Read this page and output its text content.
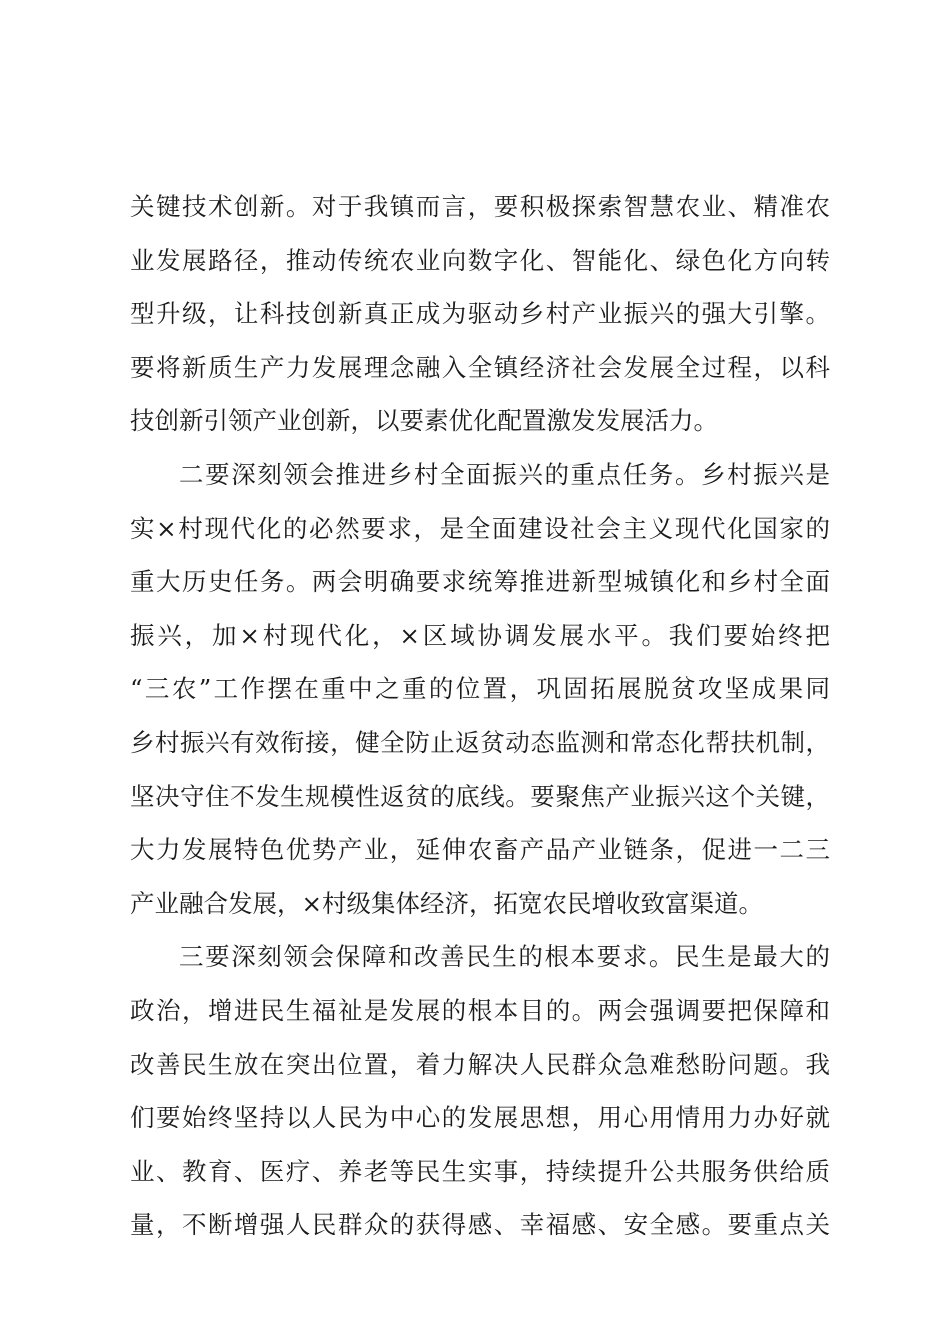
关键技术创新。对于我镇而言，要积极探索智慧农业、精准农
业发展路径，推动传统农业向数字化、智能化、绿色化方向转
型升级，让科技创新真正成为驱动乡村产业振兴的强大引擎。
要将新质生产力发展理念融入全镇经济社会发展全过程，以科
技创新引领产业创新，以要素优化配置激发发展活力。
二要深刻领会推进乡村全面振兴的重点任务。乡村振兴是
实×村现代化的必然要求，是全面建设社会主义现代化国家的
重大历史任务。两会明确要求统筹推进新型城镇化和乡村全面
振兴，加×村现代化，×区域协调发展水平。我们要始终把
“三农”工作摆在重中之重的位置，巩固拓展脱贫攻坚成果同
乡村振兴有效衔接，健全防止返贫动态监测和常态化帮扶机制，
坚决守住不发生规模性返贫的底线。要聚焦产业振兴这个关键，
大力发展特色优势产业，延伸农畜产品产业链条，促进一二三
产业融合发展，×村级集体经济，拓宽农民增收致富渠道。
三要深刻领会保障和改善民生的根本要求。民生是最大的
政治，增进民生福祉是发展的根本目的。两会强调要把保障和
改善民生放在突出位置，着力解决人民群众急难愁盼问题。我
们要始终坚持以人民为中心的发展思想，用心用情用力办好就
业、教育、医疗、养老等民生实事，持续提升公共服务供给质
量，不断增强人民群众的获得感、幸福感、安全感。要重点关
